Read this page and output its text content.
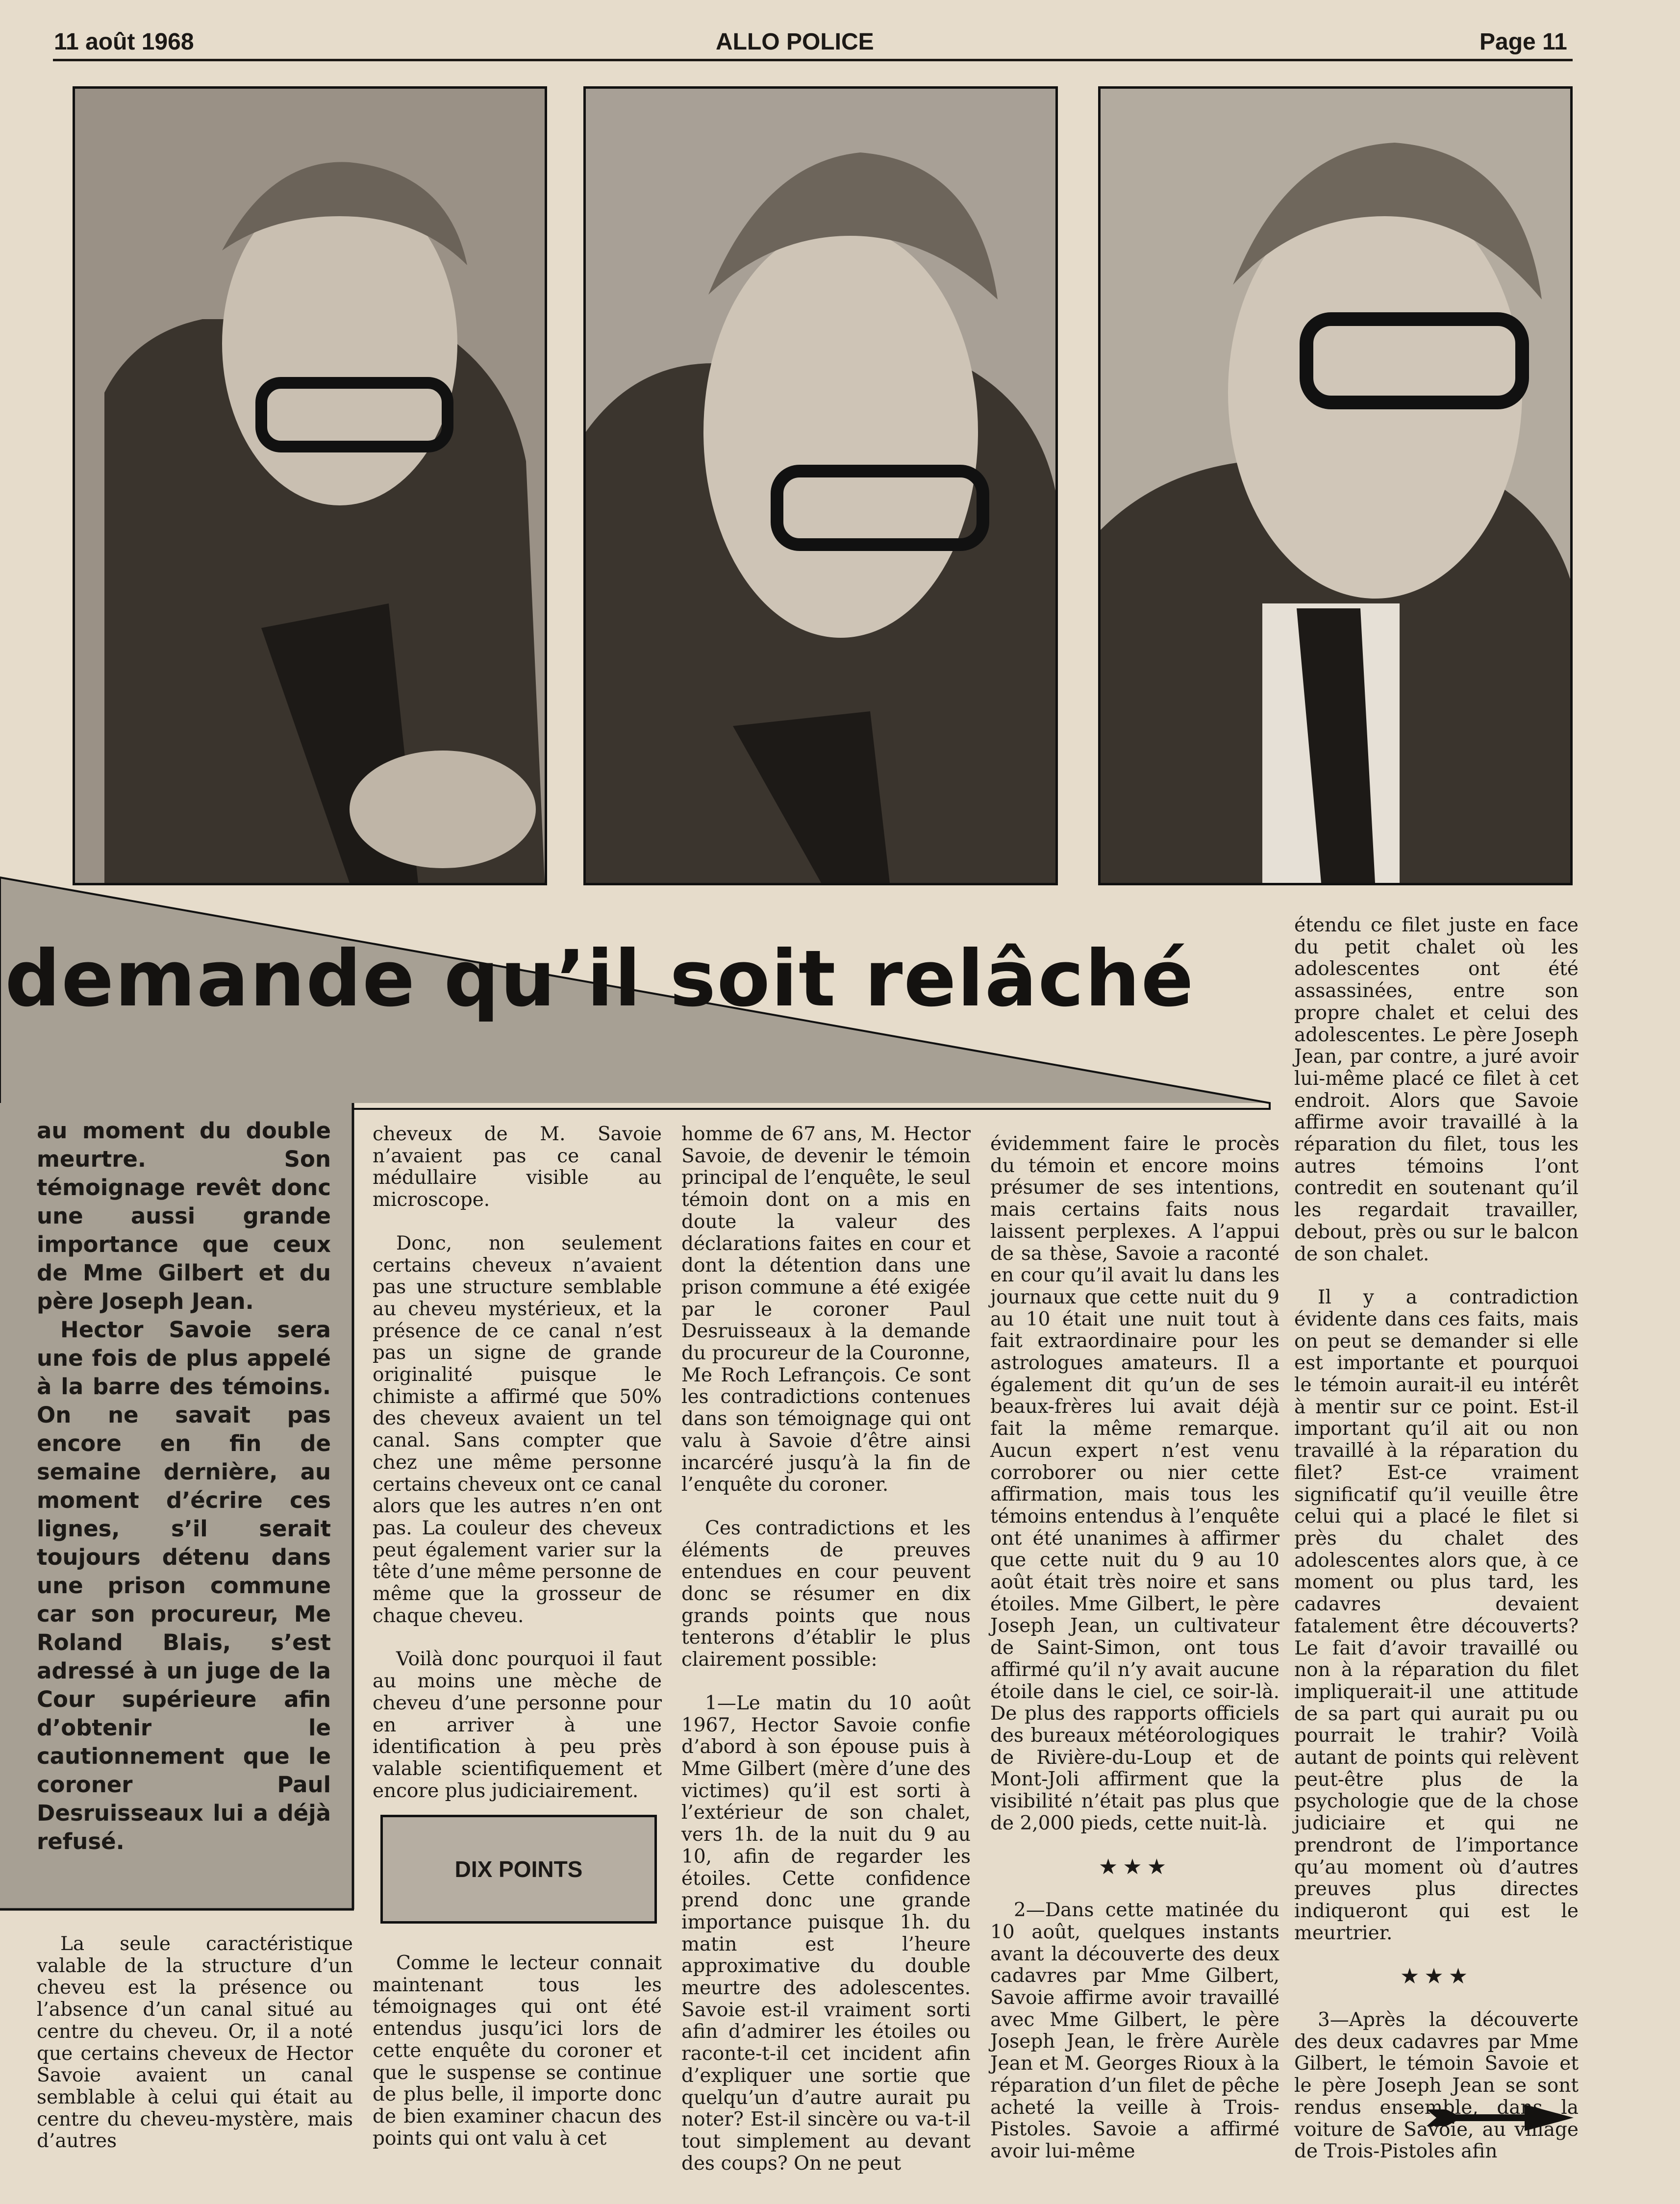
11 août 1968	ALLO POLICE	Page 11
demande qu’il soit relâché

au moment du double meurtre. Son témoignage revêt donc une aussi grande importance que ceux de Mme Gilbert et du père Joseph Jean.

Hector Savoie sera une fois de plus appelé à la barre des témoins. On ne savait pas encore en fin de semaine dernière, au moment d’écrire ces lignes, s’il serait toujours détenu dans une prison commune car son procureur, Me Roland Blais, s’est adressé à un juge de la Cour supérieure afin d’obtenir le cautionnement que le coroner Paul Desruisseaux lui a déjà refusé.

La seule caractéristique valable de la structure d’un cheveu est la présence ou l’absence d’un canal situé au centre du cheveu. Or, il a noté que certains cheveux de Hector Savoie avaient un canal semblable à celui qui était au centre du cheveu-mystère, mais d’autres

cheveux de M. Savoie n’avaient pas ce canal médullaire visible au microscope.

Donc, non seulement certains cheveux n’avaient pas une structure semblable au cheveu mystérieux, et la présence de ce canal n’est pas un signe de grande originalité puisque le chimiste a affirmé que 50% des cheveux avaient un tel canal. Sans compter que chez une même personne certains cheveux ont ce canal alors que les autres n’en ont pas. La couleur des cheveux peut également varier sur la tête d’une même personne de même que la grosseur de chaque cheveu.

Voilà donc pourquoi il faut au moins une mèche de cheveu d’une personne pour en arriver à une identification à peu près valable scientifiquement et encore plus judiciairement.

DIX POINTS

Comme le lecteur connait maintenant tous les témoignages qui ont été entendus jusqu’ici lors de cette enquête du coroner et que le suspense se continue de plus belle, il importe donc de bien examiner chacun des points qui ont valu à cet

homme de 67 ans, M. Hector Savoie, de devenir le témoin principal de l’enquête, le seul témoin dont on a mis en doute la valeur des déclarations faites en cour et dont la détention dans une prison commune a été exigée par le coroner Paul Desruisseaux à la demande du procureur de la Couronne, Me Roch Lefrançois. Ce sont les contradictions contenues dans son témoignage qui ont valu à Savoie d’être ainsi incarcéré jusqu’à la fin de l’enquête du coroner.

Ces contradictions et les éléments de preuves entendues en cour peuvent donc se résumer en dix grands points que nous tenterons d’établir le plus clairement possible:

1—Le matin du 10 août 1967, Hector Savoie confie d’abord à son épouse puis à Mme Gilbert (mère d’une des victimes) qu’il est sorti à l’extérieur de son chalet, vers 1h. de la nuit du 9 au 10, afin de regarder les étoiles. Cette confidence prend donc une grande importance puisque 1h. du matin est l’heure approximative du double meurtre des adolescentes. Savoie est-il vraiment sorti afin d’admirer les étoiles ou raconte-t-il cet incident afin d’expliquer une sortie que quelqu’un d’autre aurait pu noter? Est-il sincère ou va-t-il tout simplement au devant des coups? On ne peut

évidemment faire le procès du témoin et encore moins présumer de ses intentions, mais certains faits nous laissent perplexes. A l’appui de sa thèse, Savoie a raconté en cour qu’il avait lu dans les journaux que cette nuit du 9 au 10 était une nuit tout à fait extraordinaire pour les astrologues amateurs. Il a également dit qu’un de ses beaux-frères lui avait déjà fait la même remarque. Aucun expert n’est venu corroborer ou nier cette affirmation, mais tous les témoins entendus à l’enquête ont été unanimes à affirmer que cette nuit du 9 au 10 août était très noire et sans étoiles. Mme Gilbert, le père Joseph Jean, un cultivateur de Saint-Simon, ont tous affirmé qu’il n’y avait aucune étoile dans le ciel, ce soir-là. De plus des rapports officiels des bureaux météorologiques de Rivière-du-Loup et de Mont-Joli affirment que la visibilité n’était pas plus que de 2,000 pieds, cette nuit-là.

★★★

2—Dans cette matinée du 10 août, quelques instants avant la découverte des deux cadavres par Mme Gilbert, Savoie affirme avoir travaillé avec Mme Gilbert, le père Joseph Jean, le frère Aurèle Jean et M. Georges Rioux à la réparation d’un filet de pêche acheté la veille à Trois-Pistoles. Savoie a affirmé avoir lui-même

étendu ce filet juste en face du petit chalet où les adolescentes ont été assassinées, entre son propre chalet et celui des adolescentes. Le père Joseph Jean, par contre, a juré avoir lui-même placé ce filet à cet endroit. Alors que Savoie affirme avoir travaillé à la réparation du filet, tous les autres témoins l’ont contredit en soutenant qu’il les regardait travailler, debout, près ou sur le balcon de son chalet.

Il y a contradiction évidente dans ces faits, mais on peut se demander si elle est importante et pourquoi le témoin aurait-il eu intérêt à mentir sur ce point. Est-il important qu’il ait ou non travaillé à la réparation du filet? Est-ce vraiment significatif qu’il veuille être celui qui a placé le filet si près du chalet des adolescentes alors que, à ce moment ou plus tard, les cadavres devaient fatalement être découverts? Le fait d’avoir travaillé ou non à la réparation du filet impliquerait-il une attitude de sa part qui aurait pu ou pourrait le trahir? Voilà autant de points qui relèvent peut-être plus de la psychologie que de la chose judiciaire et qui ne prendront de l’importance qu’au moment où d’autres preuves plus directes indiqueront qui est le meurtrier.

★★★

3—Après la découverte des deux cadavres par Mme Gilbert, le témoin Savoie et le père Joseph Jean se sont rendus ensemble, dans la voiture de Savoie, au village de Trois-Pistoles afin
